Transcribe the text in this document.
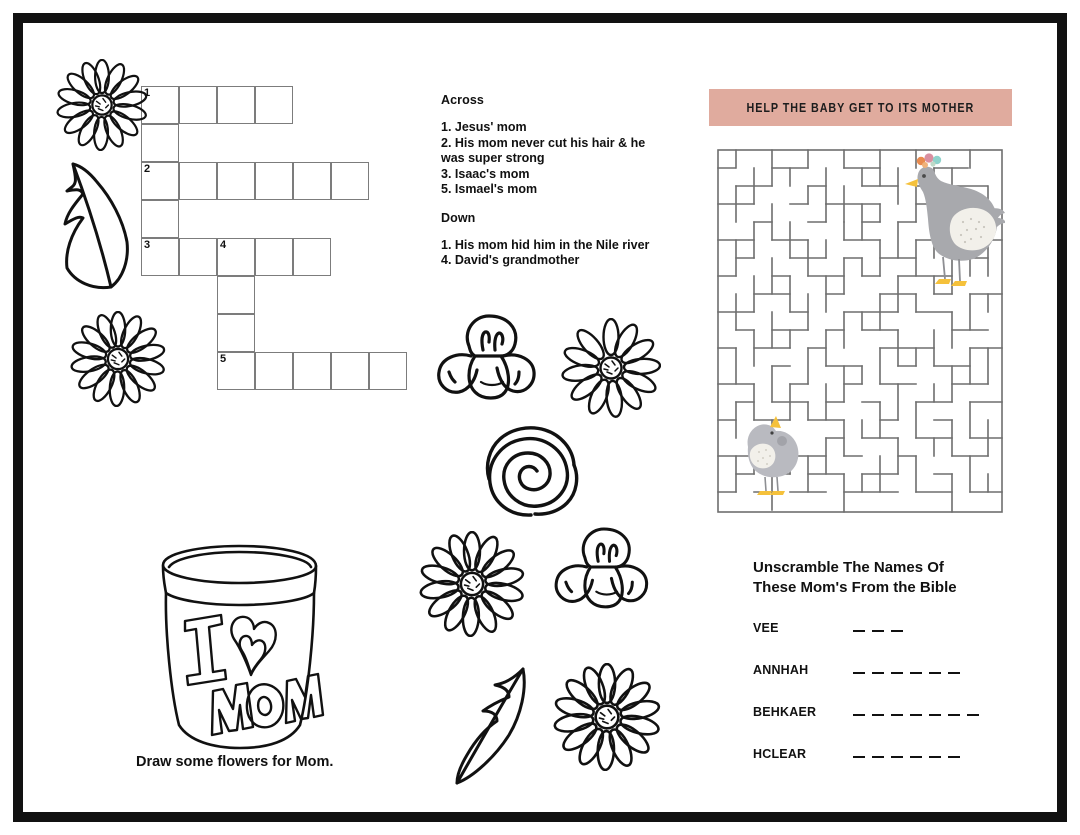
1
2
3	4
5
Across
1. Jesus' mom
2. His mom never cut his hair & he
was super strong
3. Isaac's mom
5. Ismael's mom
Down
1. His mom hid him in the Nile river
4. David's grandmother
HELP THE BABY GET TO ITS MOTHER
Unscramble The Names Of
These Mom's From the Bible
VEE
ANNHAH
BEHKAER
HCLEAR
Draw some flowers for Mom.
